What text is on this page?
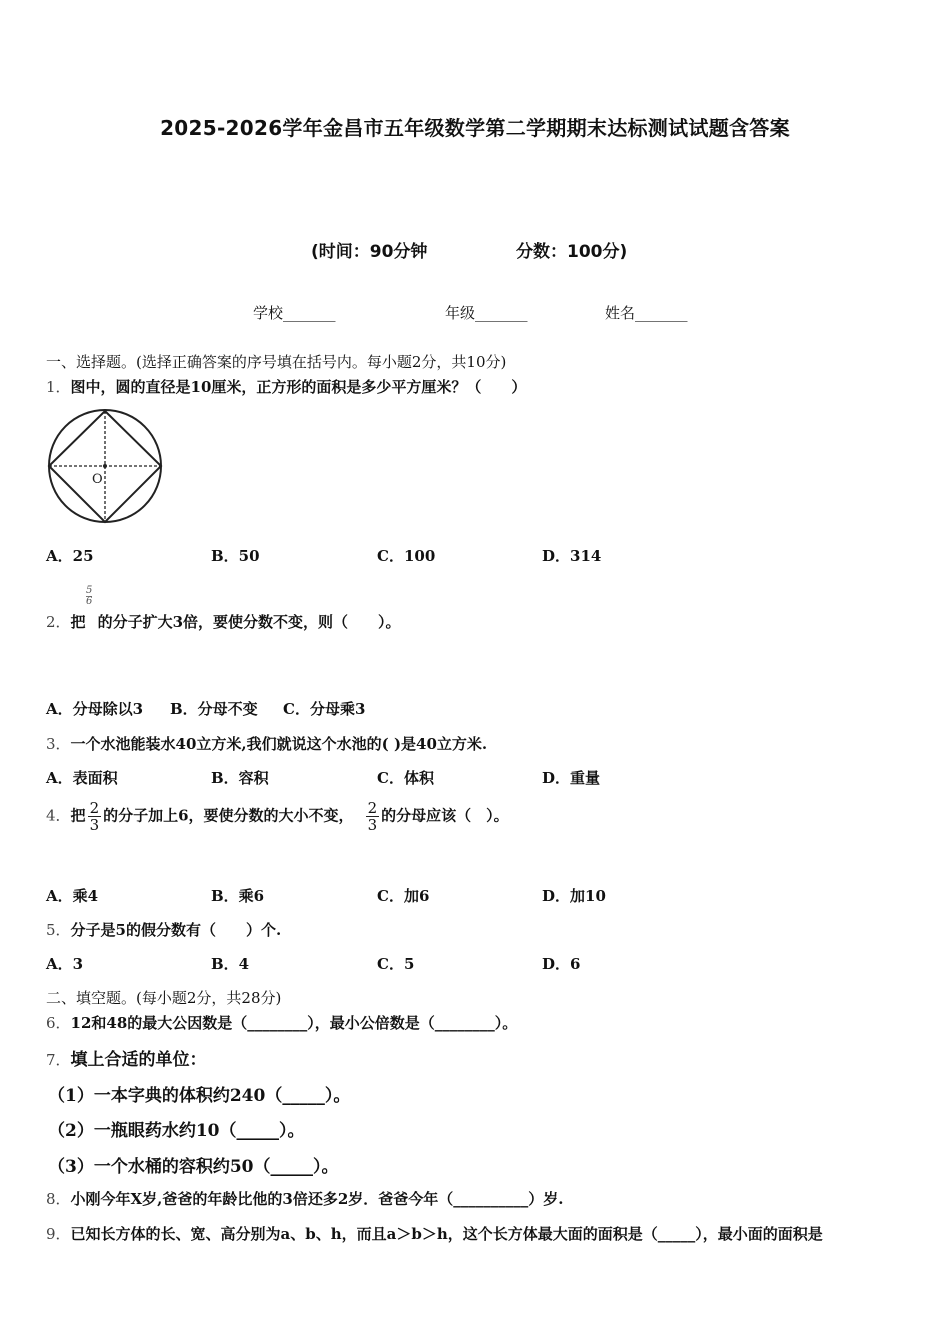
2025-2026学年金昌市五年级数学第二学期期末达标测试试题含答案
(时间：90分钟	分数：100分)
学校_______	年级_______	姓名_______
一、选择题。(选择正确答案的序号填在括号内。每小题2分，共10分)
1．图中，圆的直径是10厘米，正方形的面积是多少平方厘米？（　　）
O
A．25	B．50	C．100	D．314
$\frac{5}{6}$
2．把 的分子扩大3倍，要使分数不变，则（　　）。
A．分母除以3 B．分母不变 C．分母乘3
3．一个水池能装水40立方米,我们就说这个水池的( )是40立方米.
A．表面积	B．容积	C．体积	D．重量
4．把 $\frac{2}{3}$ 的分子加上6，要使分数的大小不变， $\frac{2}{3}$ 的分母应该（　）。
A．乘4	B．乘6	C．加6	D．加10
5．分子是5的假分数有（　　）个.
A．3	B．4	C．5	D．6
二、填空题。(每小题2分，共28分)
6．12和48的最大公因数是（________），最小公倍数是（________）。
7．填上合适的单位：
（1）一本字典的体积约240（_____）。
（2）一瓶眼药水约10（_____）。
（3）一个水桶的容积约50（_____）。
8．小刚今年X岁,爸爸的年龄比他的3倍还多2岁．爸爸今年（__________）岁.
9．已知长方体的长、宽、高分别为a、b、h，而且a＞b＞h，这个长方体最大面的面积是（_____），最小面的面积是
